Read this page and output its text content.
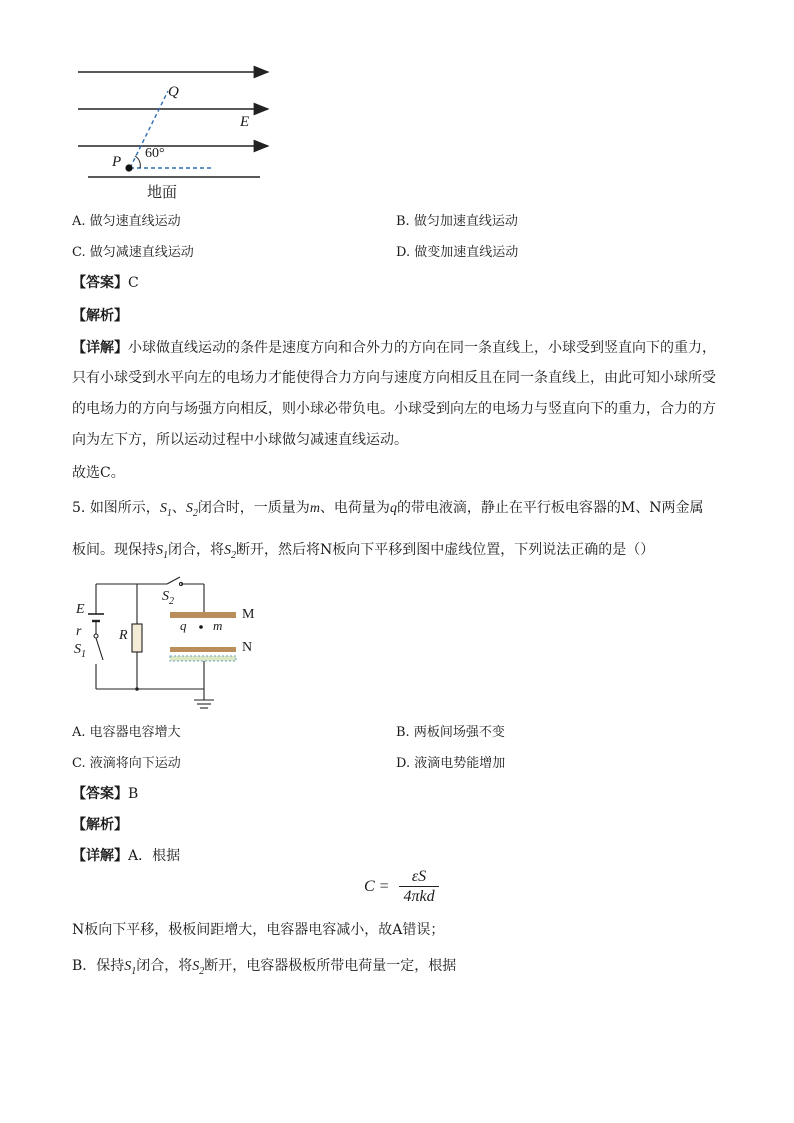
Q
E
P
60°
地面
A. 做匀速直线运动	B. 做匀加速直线运动
C. 做匀减速直线运动	D. 做变加速直线运动
【答案】C
【解析】
【详解】小球做直线运动的条件是速度方向和合外力的方向在同一条直线上，小球受到竖直向下的重力，
只有小球受到水平向左的电场力才能使得合力方向与速度方向相反且在同一条直线上，由此可知小球所受
的电场力的方向与场强方向相反，则小球必带负电。小球受到向左的电场力与竖直向下的重力，合力的方
向为左下方，所以运动过程中小球做匀减速直线运动。
故选C。
5. 如图所示，$S_1$、$S_2$闭合时，一质量为m、电荷量为q的带电液滴，静止在平行板电容器的M、N两金属
板间。现保持$S_1$闭合，将$S_2$断开，然后将N板向下平移到图中虚线位置，下列说法正确的是（）
E
r
$S_1$
R
$S_2$
M
N
q m
A. 电容器电容增大	B. 两板间场强不变
C. 液滴将向下运动	D. 液滴电势能增加
【答案】B
【解析】
【详解】A．根据
$C = \frac{\varepsilon S}{\text{4πkd}}$
N板向下平移，极板间距增大，电容器电容减小，故A错误；
B．保持$S_1$闭合，将$S_2$断开，电容器极板所带电荷量一定，根据
